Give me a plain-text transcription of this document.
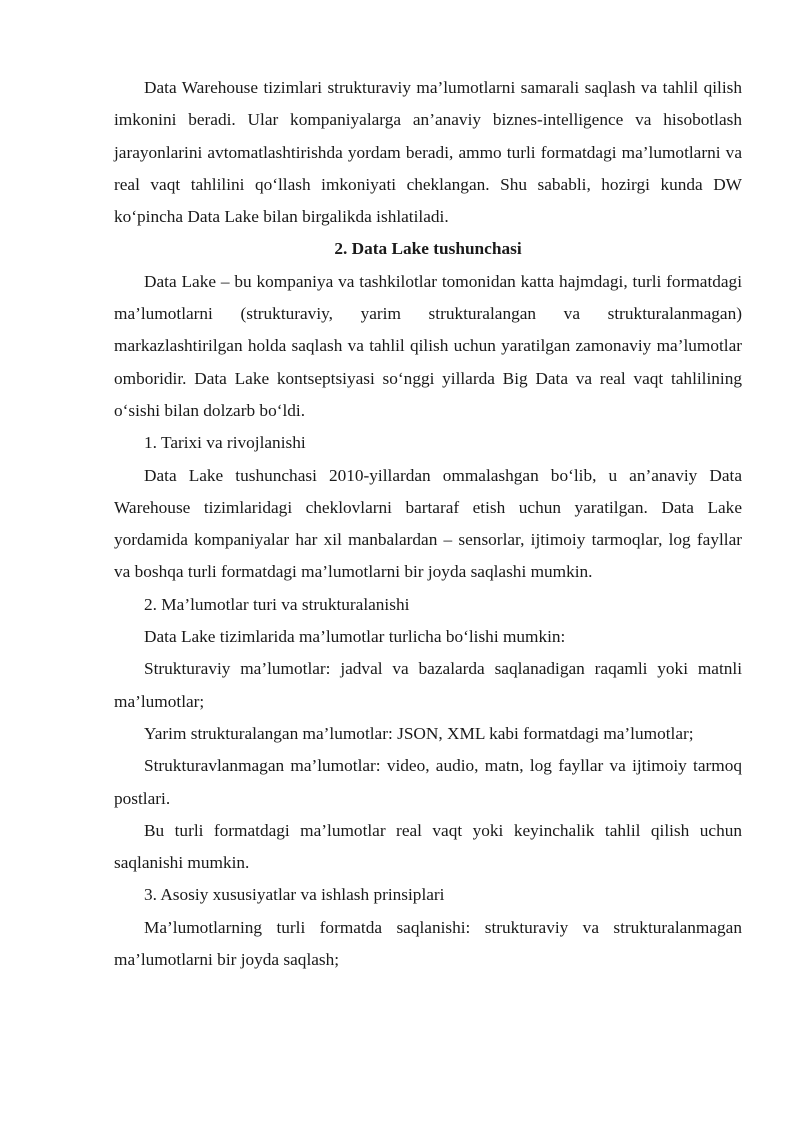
Data Warehouse tizimlari strukturaviy ma’lumotlarni samarali saqlash va tahlil qilish imkonini beradi. Ular kompaniyalarga an’anaviy biznes-intelligence va hisobotlash jarayonlarini avtomatlashtirishda yordam beradi, ammo turli formatdagi ma’lumotlarni va real vaqt tahlilini qo‘llash imkoniyati cheklangan. Shu sababli, hozirgi kunda DW ko‘pincha Data Lake bilan birgalikda ishlatiladi.

2. Data Lake tushunchasi

Data Lake – bu kompaniya va tashkilotlar tomonidan katta hajmdagi, turli formatdagi ma’lumotlarni (strukturaviy, yarim strukturalangan va strukturalanmagan) markazlashtirilgan holda saqlash va tahlil qilish uchun yaratilgan zamonaviy ma’lumotlar omboridir. Data Lake kontseptsiyasi so‘nggi yillarda Big Data va real vaqt tahlilining o‘sishi bilan dolzarb bo‘ldi.

1. Tarixi va rivojlanishi

Data Lake tushunchasi 2010-yillardan ommalashgan bo‘lib, u an’anaviy Data Warehouse tizimlaridagi cheklovlarni bartaraf etish uchun yaratilgan. Data Lake yordamida kompaniyalar har xil manbalardan – sensorlar, ijtimoiy tarmoqlar, log fayllar va boshqa turli formatdagi ma’lumotlarni bir joyda saqlashi mumkin.

2. Ma’lumotlar turi va strukturalanishi

Data Lake tizimlarida ma’lumotlar turlicha bo‘lishi mumkin:

Strukturaviy ma’lumotlar: jadval va bazalarda saqlanadigan raqamli yoki matnli ma’lumotlar;

Yarim strukturalangan ma’lumotlar: JSON, XML kabi formatdagi ma’lumotlar;

Strukturavlanmagan ma’lumotlar: video, audio, matn, log fayllar va ijtimoiy tarmoq postlari.

Bu turli formatdagi ma’lumotlar real vaqt yoki keyinchalik tahlil qilish uchun saqlanishi mumkin.

3. Asosiy xususiyatlar va ishlash prinsiplari

Ma’lumotlarning turli formatda saqlanishi: strukturaviy va strukturalanmagan ma’lumotlarni bir joyda saqlash;
